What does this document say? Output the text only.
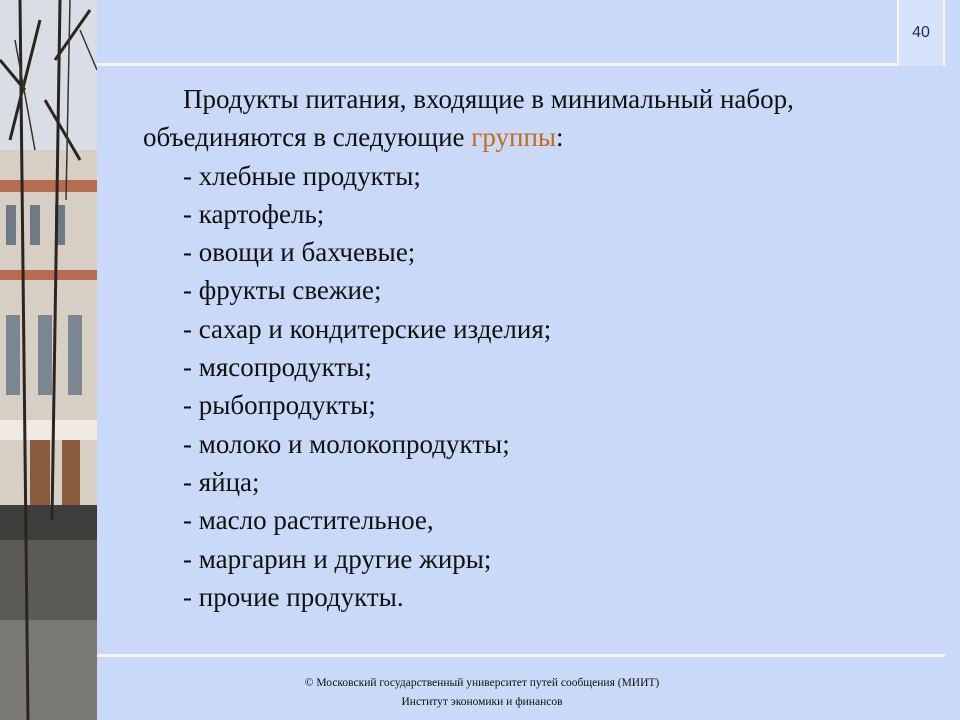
40

Продукты питания, входящие в минимальный набор,
объединяются в следующие группы:

- хлебные продукты;
- картофель;
- овощи и бахчевые;
- фрукты свежие;
- сахар и кондитерские изделия;
- мясопродукты;
- рыбопродукты;
- молоко и молокопродукты;
- яйца;
- масло растительное,
- маргарин и другие жиры;
- прочие продукты.
© Московский государственный университет путей сообщения (МИИТ)
Институт экономики и финансов
